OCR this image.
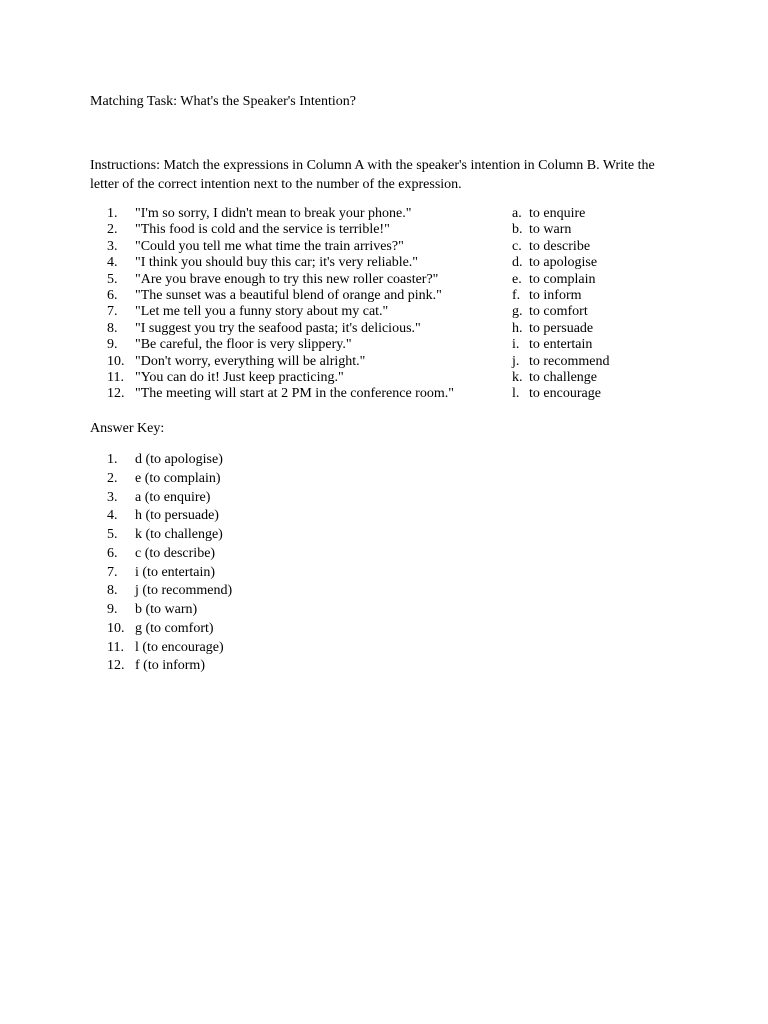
Matching Task: What's the Speaker's Intention?
Instructions: Match the expressions in Column A with the speaker's intention in Column B. Write the letter of the correct intention next to the number of the expression.
1. "I'm so sorry, I didn't mean to break your phone."
2. "This food is cold and the service is terrible!"
3. "Could you tell me what time the train arrives?"
4. "I think you should buy this car; it's very reliable."
5. "Are you brave enough to try this new roller coaster?"
6. "The sunset was a beautiful blend of orange and pink."
7. "Let me tell you a funny story about my cat."
8. "I suggest you try the seafood pasta; it's delicious."
9. "Be careful, the floor is very slippery."
10. "Don't worry, everything will be alright."
11. "You can do it! Just keep practicing."
12. "The meeting will start at 2 PM in the conference room."
a. to enquire
b. to warn
c. to describe
d. to apologise
e. to complain
f. to inform
g. to comfort
h. to persuade
i. to entertain
j. to recommend
k. to challenge
l. to encourage
Answer Key:
1. d (to apologise)
2. e (to complain)
3. a (to enquire)
4. h (to persuade)
5. k (to challenge)
6. c (to describe)
7. i (to entertain)
8. j (to recommend)
9. b (to warn)
10. g (to comfort)
11. l (to encourage)
12. f (to inform)
